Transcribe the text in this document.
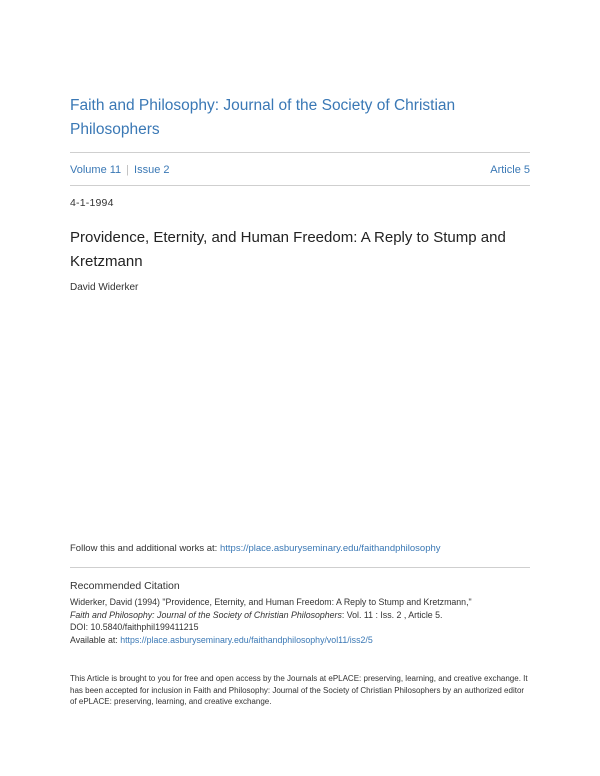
Faith and Philosophy: Journal of the Society of Christian Philosophers
Volume 11 | Issue 2	Article 5
4-1-1994
Providence, Eternity, and Human Freedom: A Reply to Stump and Kretzmann
David Widerker
Follow this and additional works at: https://place.asburyseminary.edu/faithandphilosophy
Recommended Citation
Widerker, David (1994) "Providence, Eternity, and Human Freedom: A Reply to Stump and Kretzmann,"
Faith and Philosophy: Journal of the Society of Christian Philosophers: Vol. 11 : Iss. 2 , Article 5.
DOI: 10.5840/faithphil199411215
Available at: https://place.asburyseminary.edu/faithandphilosophy/vol11/iss2/5
This Article is brought to you for free and open access by the Journals at ePLACE: preserving, learning, and creative exchange. It has been accepted for inclusion in Faith and Philosophy: Journal of the Society of Christian Philosophers by an authorized editor of ePLACE: preserving, learning, and creative exchange.
